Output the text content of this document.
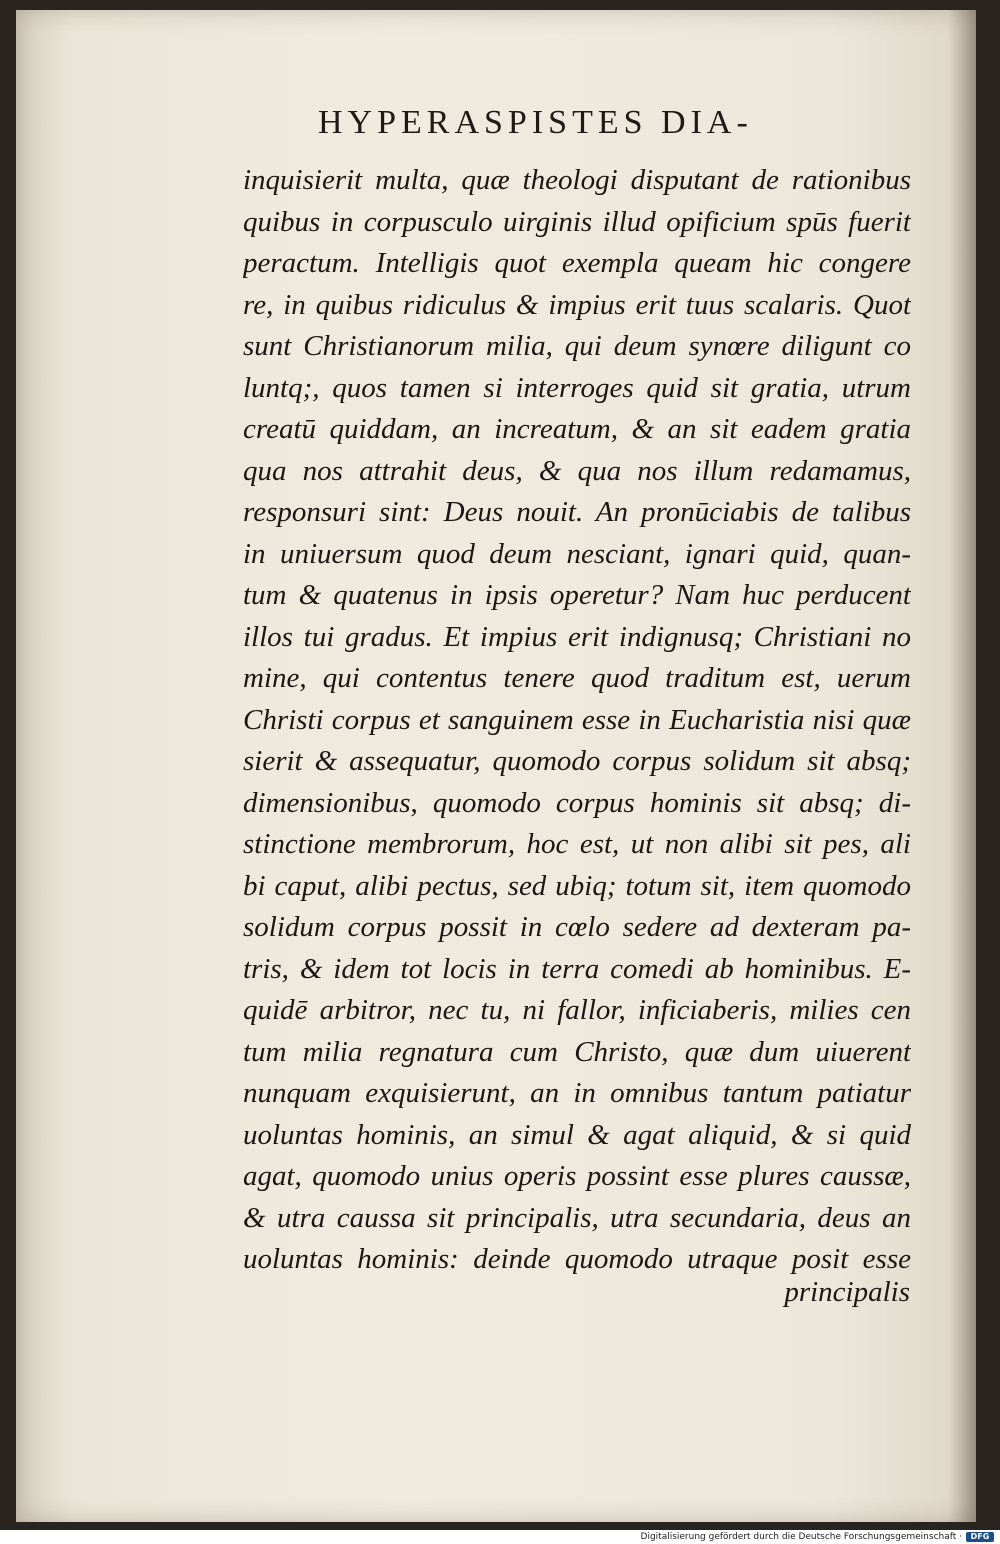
HYPERASPISTES DIA-
inquisierit multa, quæ theologi disputant de rationibus
quibus in corpusculo uirginis illud opificium spūs fuerit
peractum. Intelligis quot exempla queam hic congere
re, in quibus ridiculus & impius erit tuus scalaris. Quot
sunt Christianorum milia, qui deum synœre diligunt co
luntq;, quos tamen si interroges quid sit gratia, utrum
creatū quiddam, an increatum, & an sit eadem gratia
qua nos attrahit deus, & qua nos illum redamamus,
responsuri sint: Deus nouit. An pronūciabis de talibus
in uniuersum quod deum nesciant, ignari quid, quan-
tum & quatenus in ipsis operetur? Nam huc perducent
illos tui gradus. Et impius erit indignusq; Christiani no
mine, qui contentus tenere quod traditum est, uerum
Christi corpus et sanguinem esse in Eucharistia nisi quæ
sierit & assequatur, quomodo corpus solidum sit absq;
dimensionibus, quomodo corpus hominis sit absq; di-
stinctione membrorum, hoc est, ut non alibi sit pes, ali
bi caput, alibi pectus, sed ubiq; totum sit, item quomodo
solidum corpus possit in cœlo sedere ad dexteram pa-
tris, & idem tot locis in terra comedi ab hominibus. E-
quidē arbitror, nec tu, ni fallor, inficiaberis, milies cen
tum milia regnatura cum Christo, quæ dum uiuerent
nunquam exquisierunt, an in omnibus tantum patiatur
uoluntas hominis, an simul & agat aliquid, & si quid
agat, quomodo unius operis possint esse plures caussæ,
& utra caussa sit principalis, utra secundaria, deus an
uoluntas hominis: deinde quomodo utraque posit esse
principalis
Digitalisierung gefördert durch die Deutsche Forschungsgemeinschaft ·	DFG
